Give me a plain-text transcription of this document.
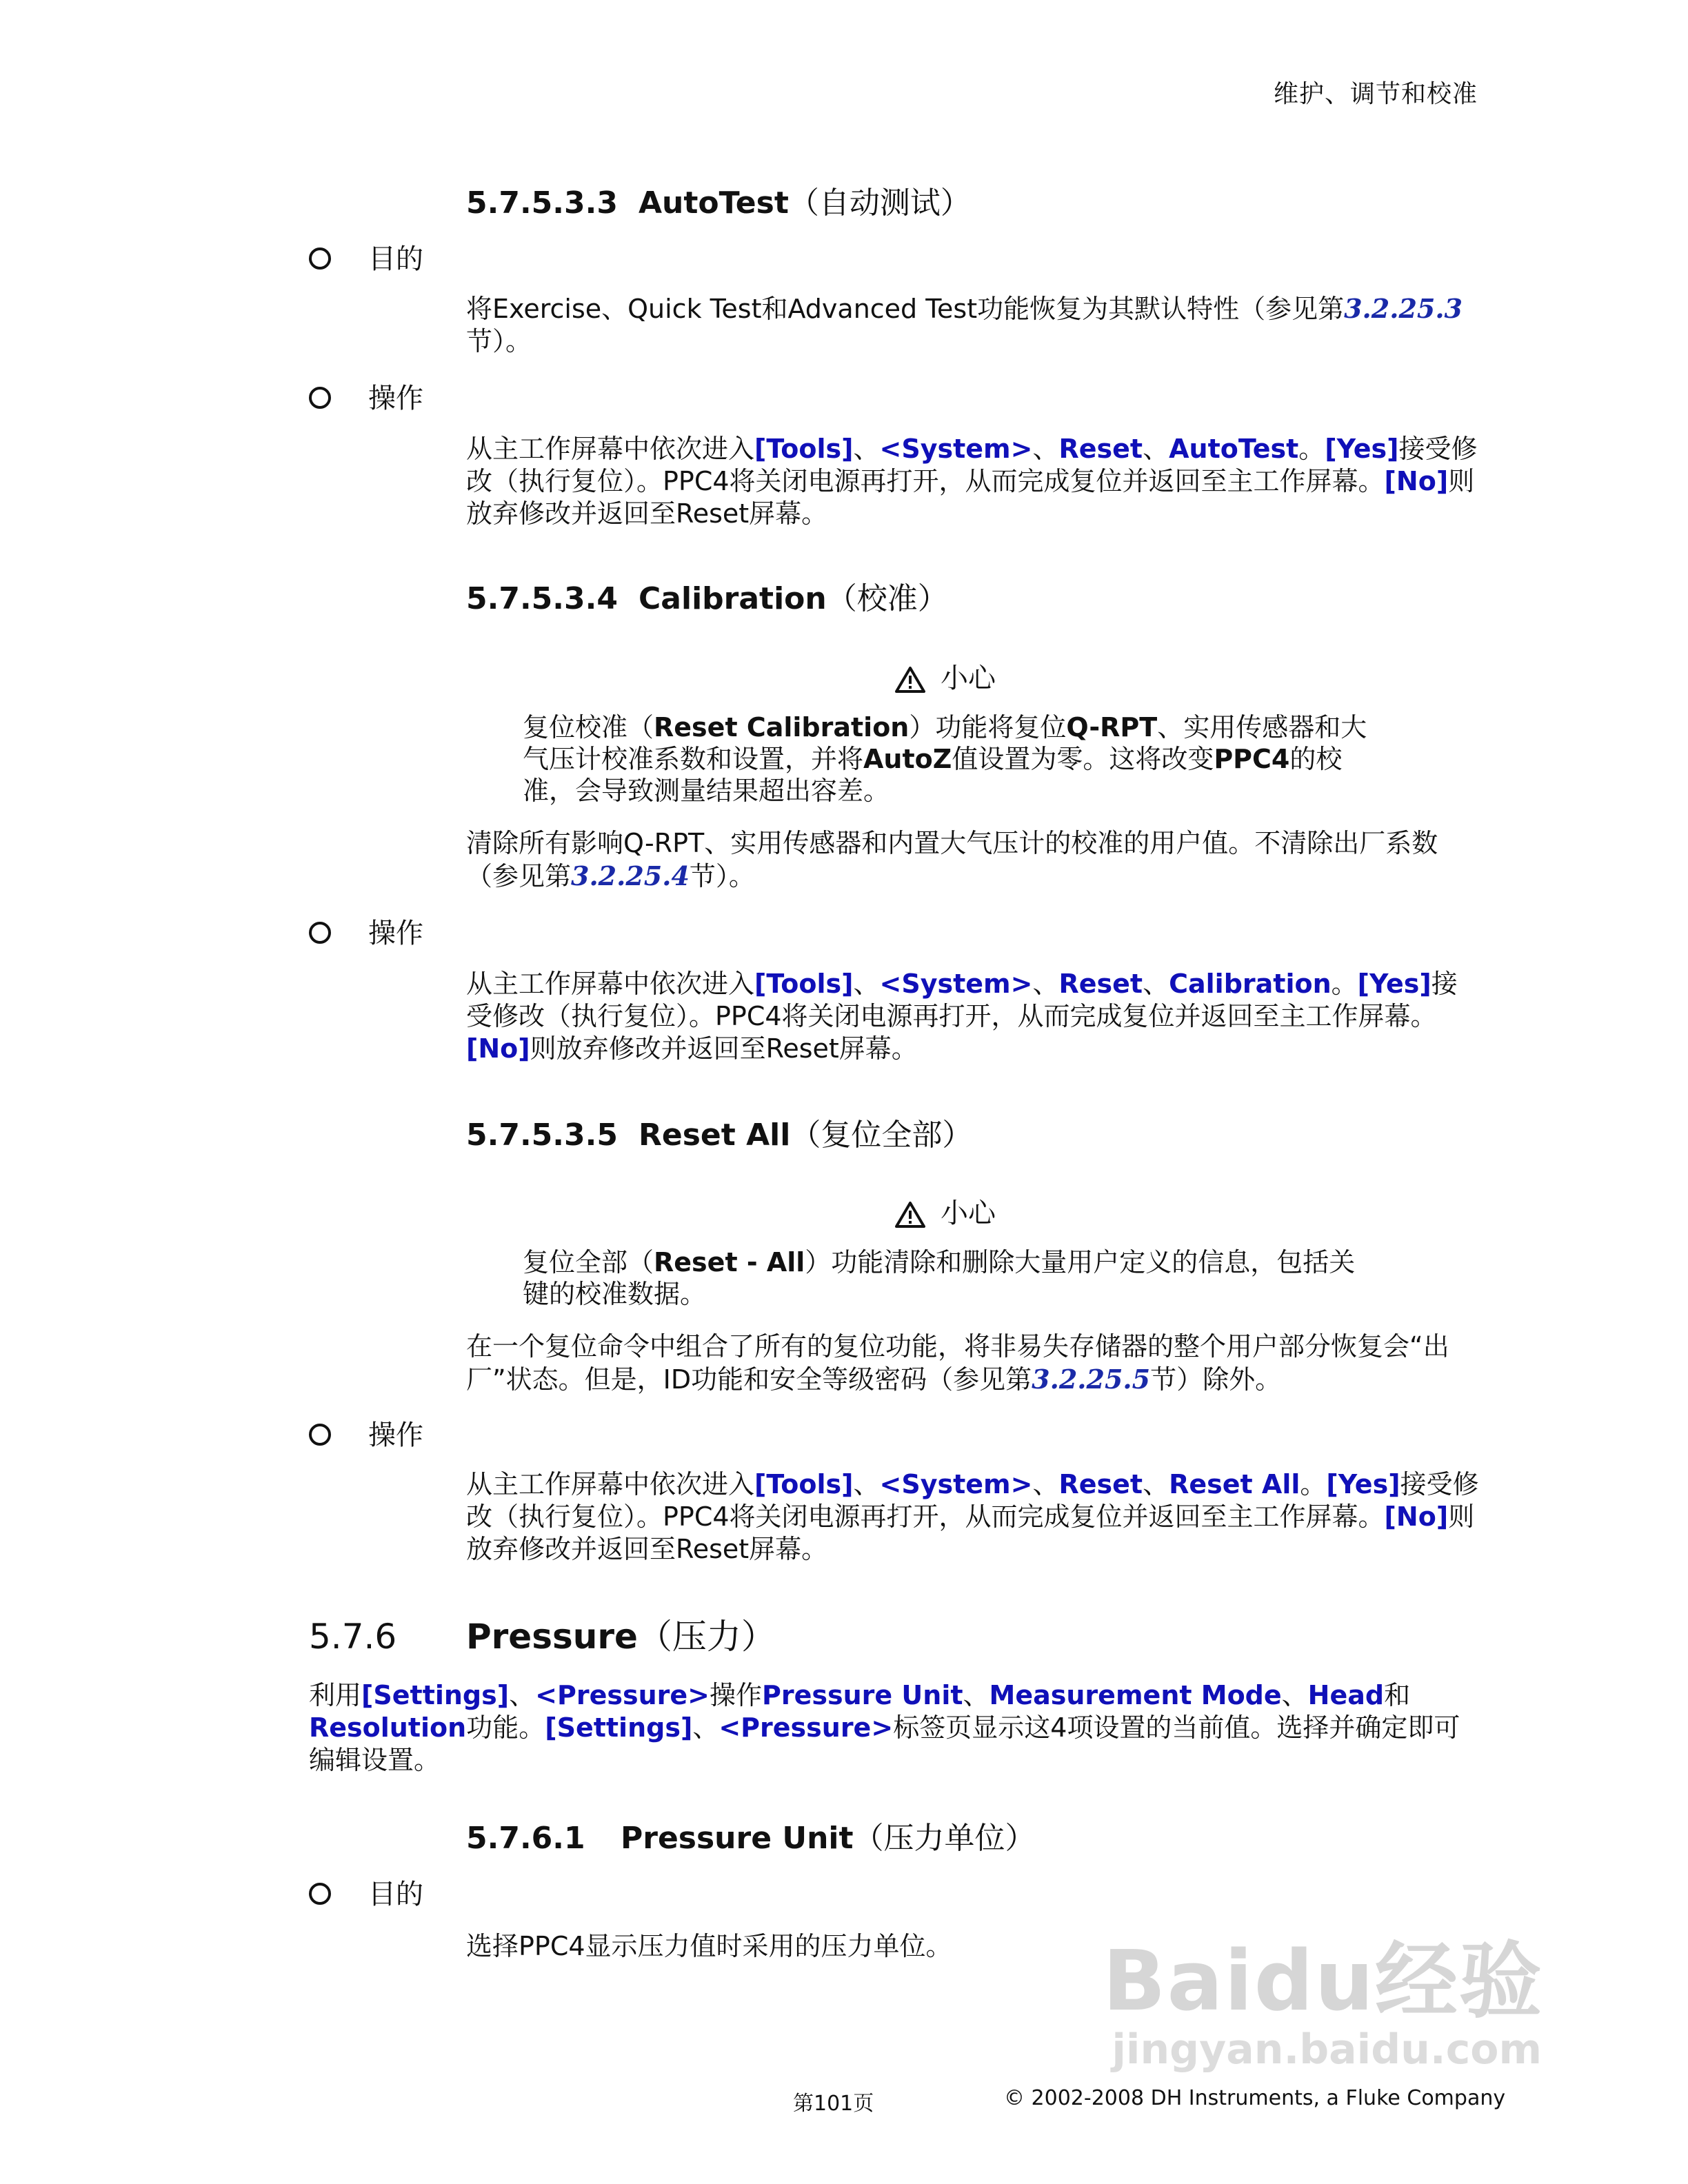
维护、调节和校准
5.7.5.3.3 AutoTest（自动测试）
目的
将Exercise、Quick Test和Advanced Test功能恢复为其默认特性（参见第3.2.25.3节）。
操作
从主工作屏幕中依次进入[Tools]、<System>、Reset、AutoTest。[Yes]接受修改（执行复位）。PPC4将关闭电源再打开，从而完成复位并返回至主工作屏幕。[No]则放弃修改并返回至Reset屏幕。
5.7.5.3.4 Calibration（校准）
小心
复位校准（Reset Calibration）功能将复位Q-RPT、实用传感器和大气压计校准系数和设置，并将AutoZ值设置为零。这将改变PPC4的校准，会导致测量结果超出容差。
清除所有影响Q-RPT、实用传感器和内置大气压计的校准的用户值。不清除出厂系数（参见第3.2.25.4节）。
操作
从主工作屏幕中依次进入[Tools]、<System>、Reset、Calibration。[Yes]接受修改（执行复位）。PPC4将关闭电源再打开，从而完成复位并返回至主工作屏幕。[No]则放弃修改并返回至Reset屏幕。
5.7.5.3.5 Reset All（复位全部）
小心
复位全部（Reset - All）功能清除和删除大量用户定义的信息，包括关键的校准数据。
在一个复位命令中组合了所有的复位功能，将非易失存储器的整个用户部分恢复会“出厂”状态。但是，ID功能和安全等级密码（参见第3.2.25.5节）除外。
操作
从主工作屏幕中依次进入[Tools]、<System>、Reset、Reset All。[Yes]接受修改（执行复位）。PPC4将关闭电源再打开，从而完成复位并返回至主工作屏幕。[No]则放弃修改并返回至Reset屏幕。
5.7.6 Pressure（压力）
利用[Settings]、<Pressure>操作Pressure Unit、Measurement Mode、Head和Resolution功能。[Settings]、<Pressure>标签页显示这4项设置的当前值。选择并确定即可编辑设置。
5.7.6.1 Pressure Unit（压力单位）
目的
选择PPC4显示压力值时采用的压力单位。	Baidu经验
jingyan.baidu.com
第101页	© 2002-2008 DH Instruments, a Fluke Company
